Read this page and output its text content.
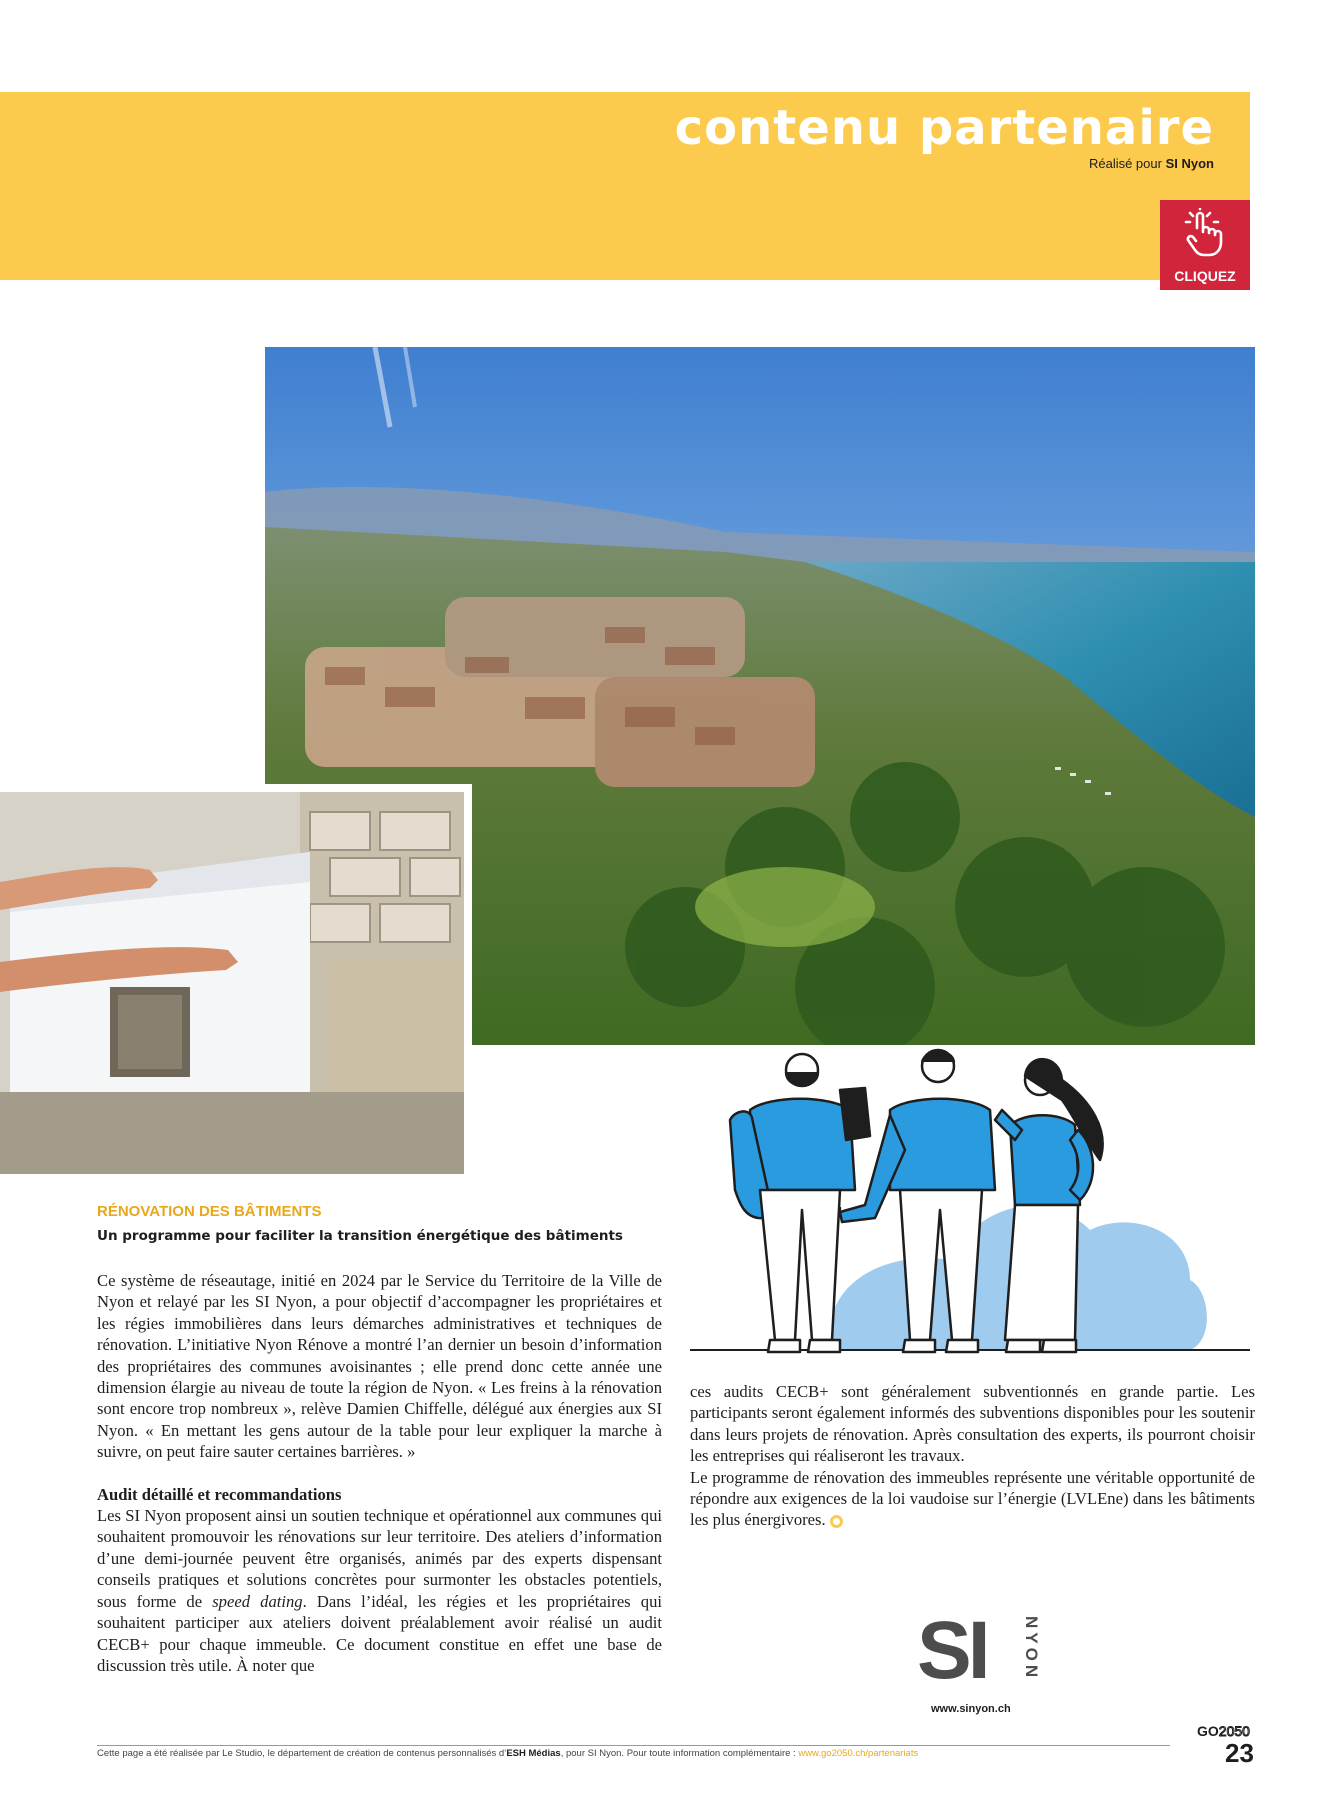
contenu partenaire
Réalisé pour SI Nyon
CLIQUEZ
RÉNOVATION DES BÂTIMENTS
Un programme pour faciliter la transition énergétique des bâtiments

Ce système de réseautage, initié en 2024 par le Service du Territoire de la Ville de Nyon et relayé par les SI Nyon, a pour objectif d’accompagner les propriétaires et les régies immobilières dans leurs démarches administratives et techniques de rénovation. L’initiative Nyon Rénove a montré l’an dernier un besoin d’information des propriétaires des communes avoisinantes ; elle prend donc cette année une dimension élargie au niveau de toute la région de Nyon. « Les freins à la rénovation sont encore trop nombreux », relève Damien Chiffelle, délégué aux énergies aux SI Nyon. « En mettant les gens autour de la table pour leur expliquer la marche à suivre, on peut faire sauter certaines barrières. »

Audit détaillé et recommandations

Les SI Nyon proposent ainsi un soutien technique et opérationnel aux communes qui souhaitent promouvoir les rénovations sur leur territoire. Des ateliers d’information d’une demi-journée peuvent être organisés, animés par des experts dispensant conseils pratiques et solutions concrètes pour surmonter les obstacles potentiels, sous forme de speed dating. Dans l’idéal, les régies et les propriétaires qui souhaitent participer aux ateliers doivent préalablement avoir réalisé un audit CECB+ pour chaque immeuble. Ce document constitue en effet une base de discussion très utile. À noter que

ces audits CECB+ sont généralement subventionnés en grande partie. Les participants seront également informés des subventions disponibles pour les soutenir dans leurs projets de rénovation. Après consultation des experts, ils pourront choisir les entreprises qui réaliseront les travaux.

Le programme de rénovation des immeubles représente une véritable opportunité de répondre aux exigences de la loi vaudoise sur l’énergie (LVLEne) dans les bâtiments les plus énergivores.

SI NYON
www.sinyon.ch
Cette page a été réalisée par Le Studio, le département de création de contenus personnalisés d’ESH Médias, pour SI Nyon. Pour toute information complémentaire : www.go2050.ch/partenariats
GO2050
23
